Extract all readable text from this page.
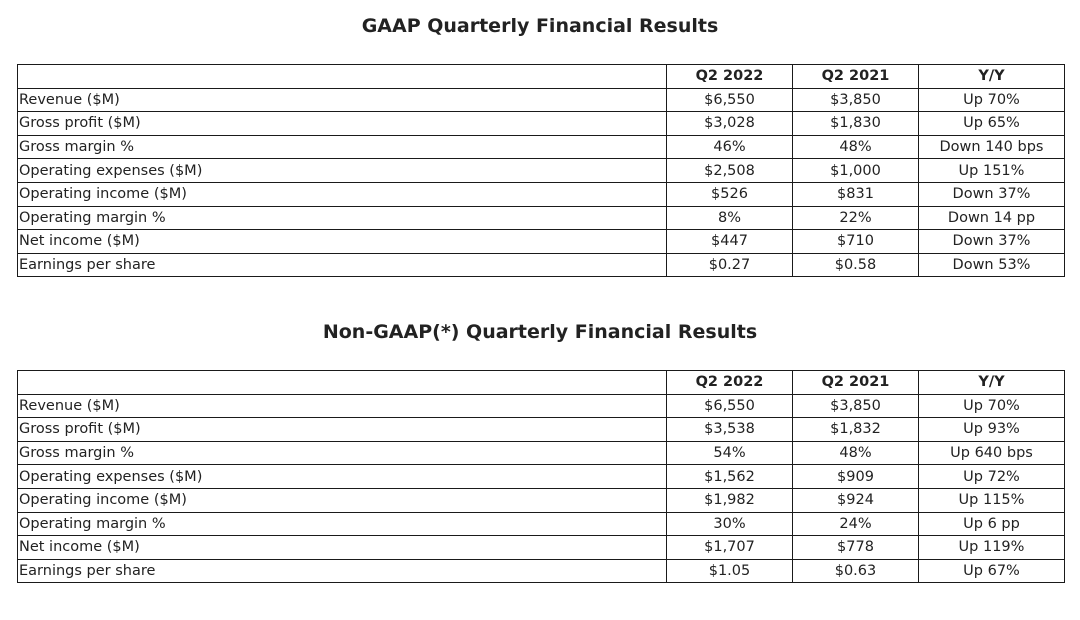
GAAP Quarterly Financial Results
	Q2 2022	Q2 2021	Y/Y
Revenue ($M)	$6,550	$3,850	Up 70%
Gross profit ($M)	$3,028	$1,830	Up 65%
Gross margin %	46%	48%	Down 140 bps
Operating expenses ($M)	$2,508	$1,000	Up 151%
Operating income ($M)	$526	$831	Down 37%
Operating margin %	8%	22%	Down 14 pp
Net income ($M)	$447	$710	Down 37%
Earnings per share	$0.27	$0.58	Down 53%
Non-GAAP(*) Quarterly Financial Results
	Q2 2022	Q2 2021	Y/Y
Revenue ($M)	$6,550	$3,850	Up 70%
Gross profit ($M)	$3,538	$1,832	Up 93%
Gross margin %	54%	48%	Up 640 bps
Operating expenses ($M)	$1,562	$909	Up 72%
Operating income ($M)	$1,982	$924	Up 115%
Operating margin %	30%	24%	Up 6 pp
Net income ($M)	$1,707	$778	Up 119%
Earnings per share	$1.05	$0.63	Up 67%
